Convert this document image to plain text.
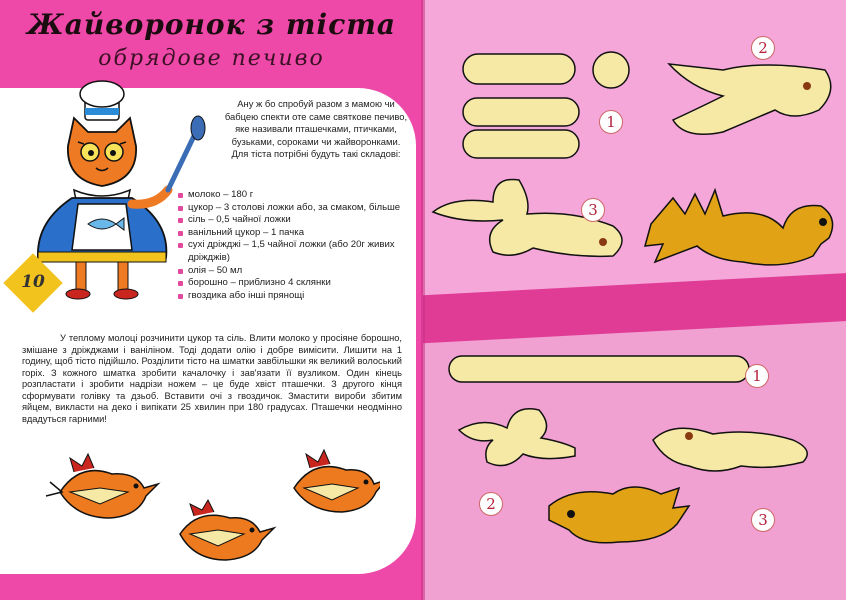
Жайворонок з тіста
обрядове печиво
10
Ану ж бо спробуй разом з мамою чи бабцею спекти оте саме святкове печиво, яке називали пташечками, птичками, бузьками, сороками чи жайворонками. Для тіста потрібні будуть такі складові:
молоко – 180 г
цукор – 3 столові ложки або, за смаком, більше
сіль – 0,5 чайної ложки
ванільний цукор – 1 пачка
сухі дріжджі – 1,5 чайної ложки (або 20г живих дріжджів)
олія – 50 мл
борошно – приблизно 4 склянки
гвоздика або інші прянощі
У теплому молоці розчинити цукор та сіль. Влити молоко у просіяне борошно, змішане з дріжджами і ваніліном. Тоді додати олію і добре вимісити. Лишити на 1 годину, щоб тісто підійшло. Розділити тісто на шматки завбільшки як великий волоський горіх. З кожного шматка зробити качалочку і зав'язати її вузликом. Один кінець розпластати і зробити надрізи ножем – це буде хвіст пташечки. З другого кінця сформувати голівку та дзьоб. Вставити очі з гвоздичок. Змастити вироби збитим яйцем, викласти на деко і випікати 25 хвилин при 180 градусах. Пташечки неодмінно вдадуться гарними!
1
2
3
1
2
3
